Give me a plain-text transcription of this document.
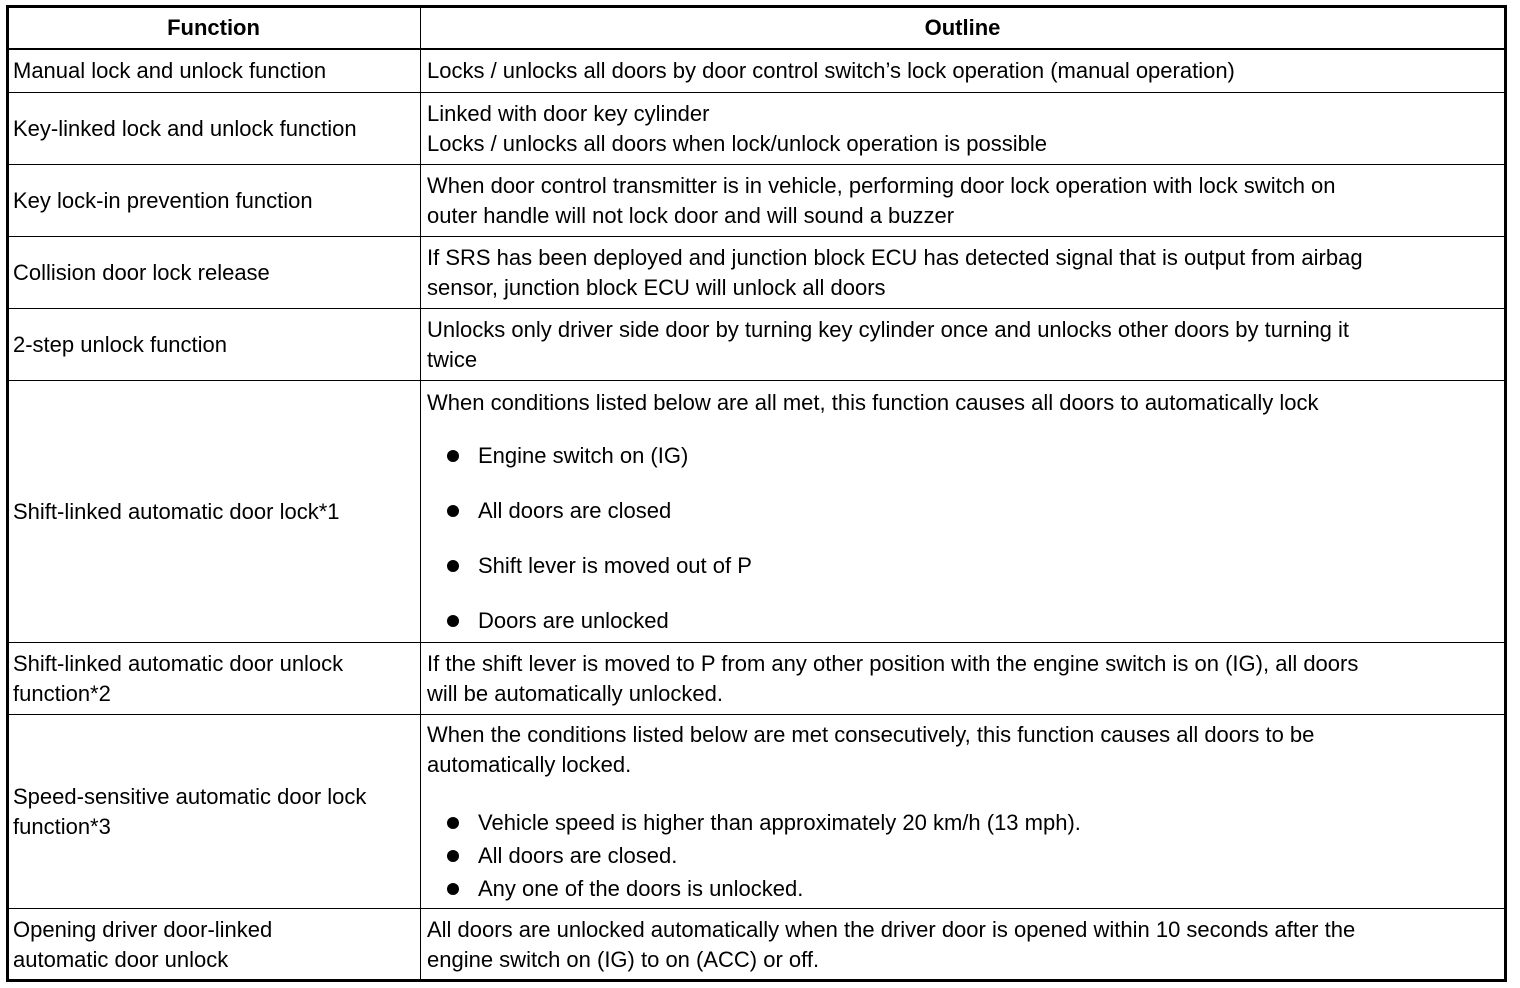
Function	Outline
Manual lock and unlock function	Locks / unlocks all doors by door control switch’s lock operation (manual operation)
Key-linked lock and unlock function
Linked with door key cylinder
Locks / unlocks all doors when lock/unlock operation is possible
Key lock-in prevention function
When door control transmitter is in vehicle, performing door lock operation with lock switch on
outer handle will not lock door and will sound a buzzer
Collision door lock release
If SRS has been deployed and junction block ECU has detected signal that is output from airbag
sensor, junction block ECU will unlock all doors
2-step unlock function
Unlocks only driver side door by turning key cylinder once and unlocks other doors by turning it
twice
Shift-linked automatic door lock*1
When conditions listed below are all met, this function causes all doors to automatically lock
Engine switch on (IG)
All doors are closed
Shift lever is moved out of P
Doors are unlocked
Shift-linked automatic door unlock
function*2
If the shift lever is moved to P from any other position with the engine switch is on (IG), all doors
will be automatically unlocked.
Speed-sensitive automatic door lock
function*3
When the conditions listed below are met consecutively, this function causes all doors to be
automatically locked.
Vehicle speed is higher than approximately 20 km/h (13 mph).
All doors are closed.
Any one of the doors is unlocked.
Opening driver door-linked
automatic door unlock
All doors are unlocked automatically when the driver door is opened within 10 seconds after the
engine switch on (IG) to on (ACC) or off.
